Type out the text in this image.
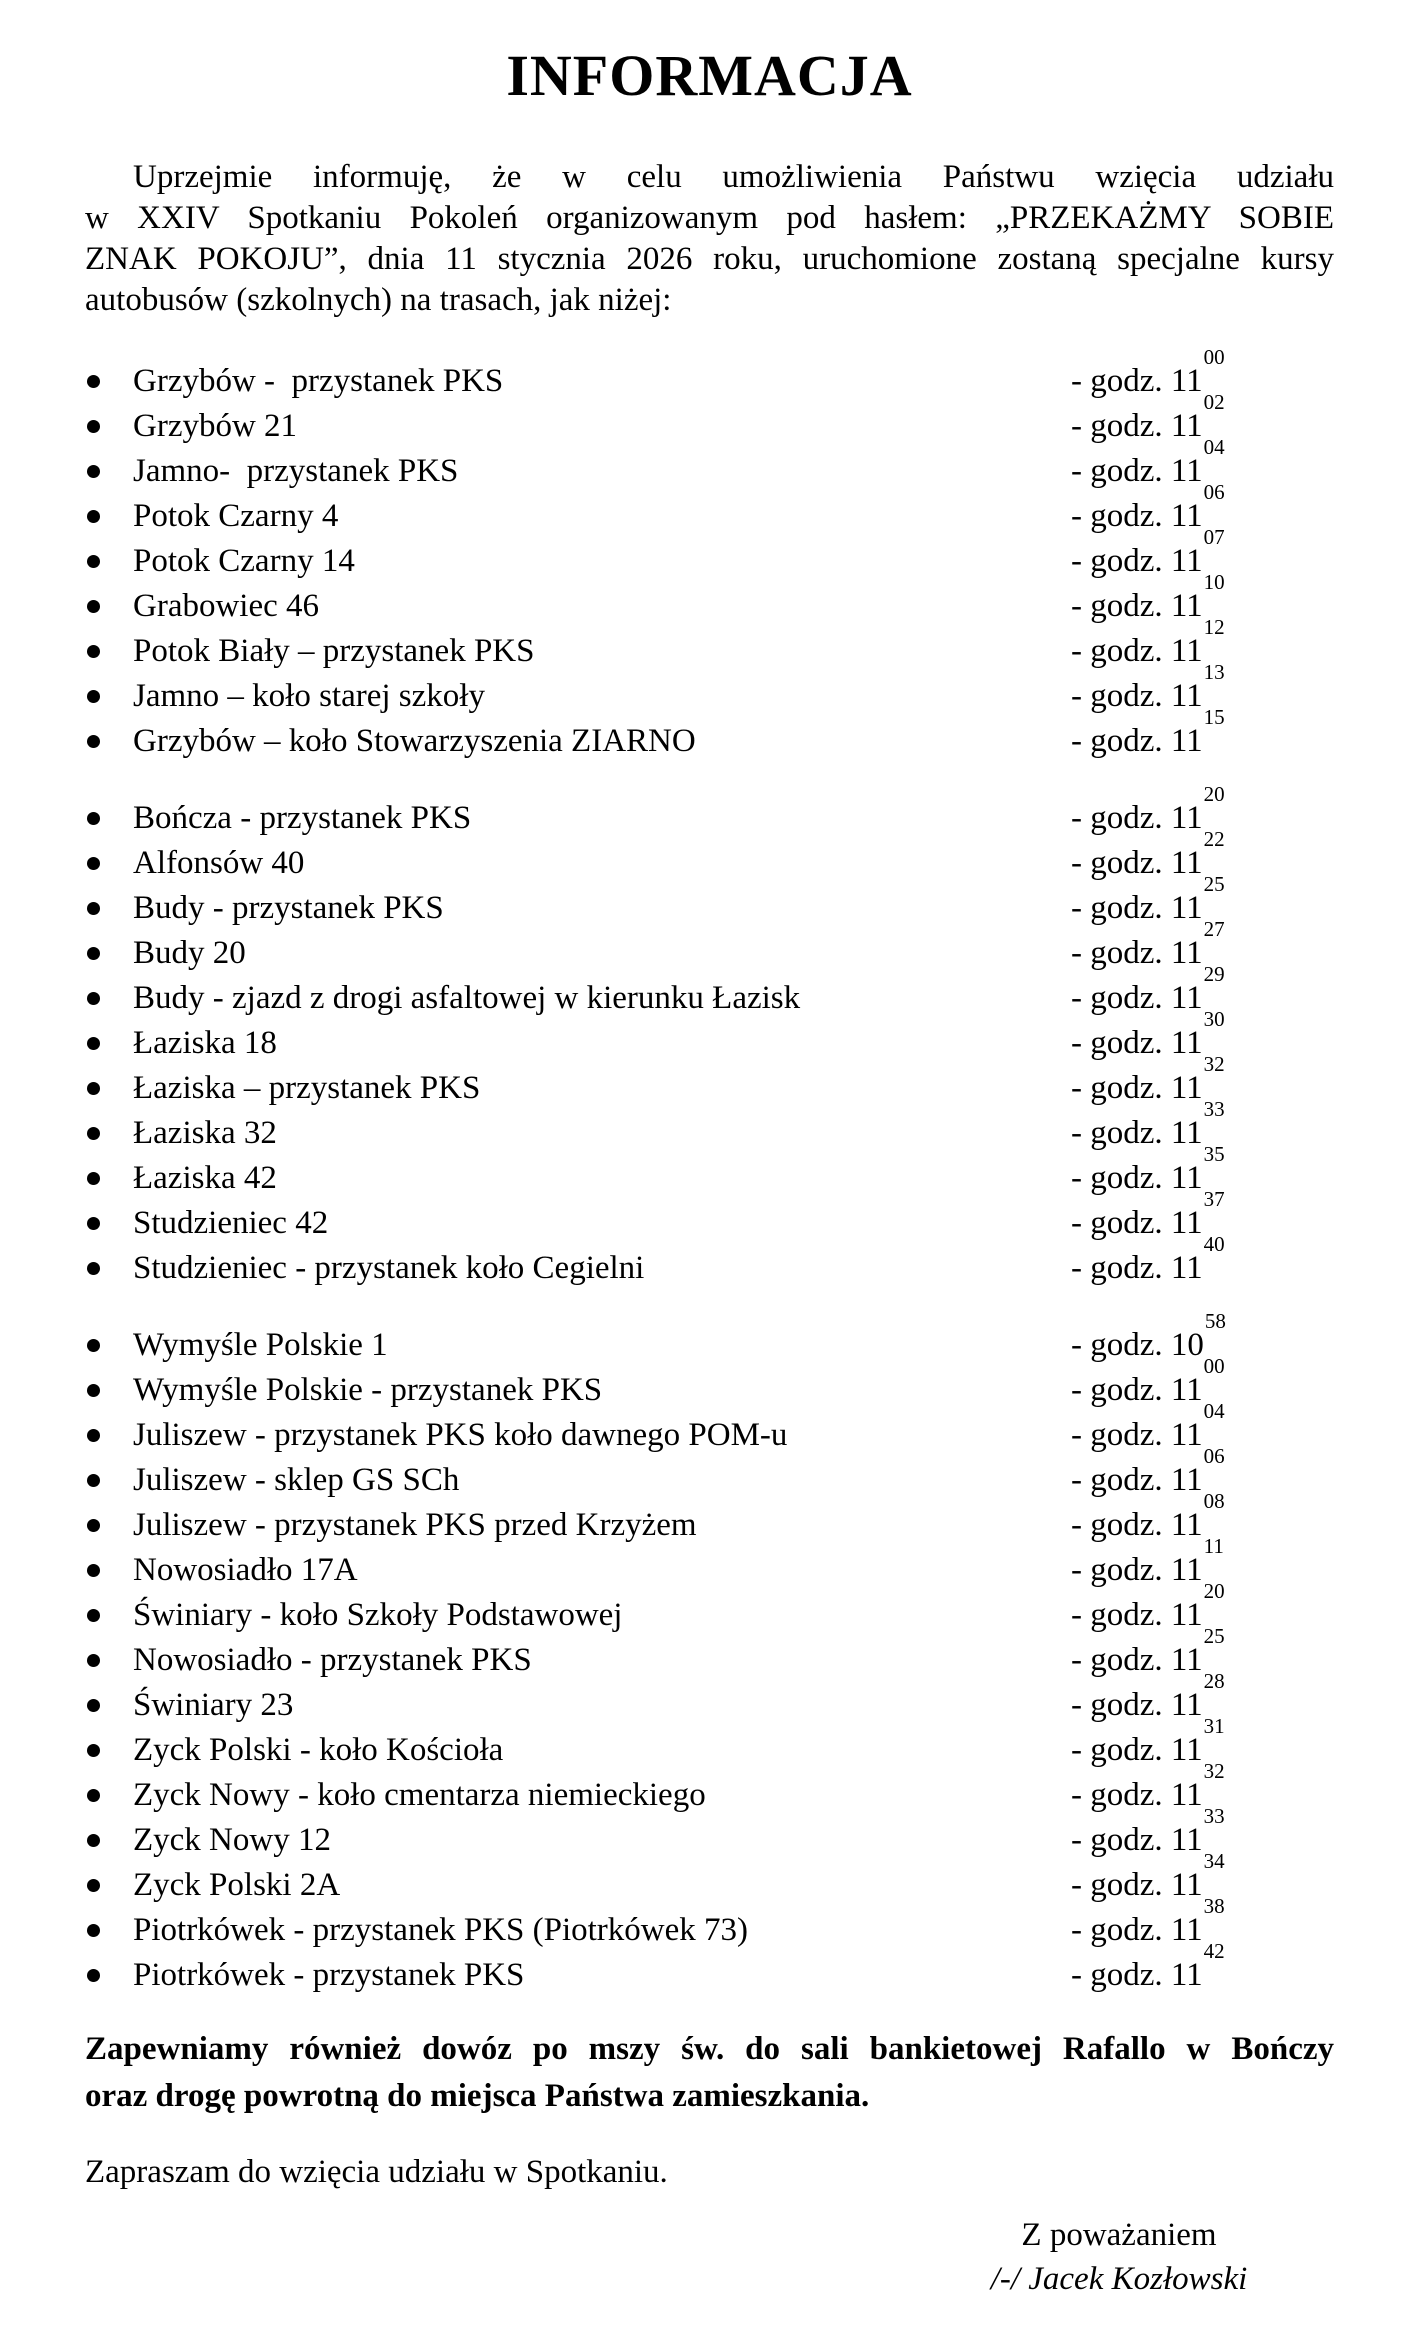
INFORMACJA
Uprzejmie informuję, że w celu umożliwienia Państwu wzięcia udziału
w XXIV Spotkaniu Pokoleń organizowanym pod hasłem: „PRZEKAŻMY SOBIE
ZNAK POKOJU”, dnia 11 stycznia 2026 roku, uruchomione zostaną specjalne kursy
autobusów (szkolnych) na trasach, jak niżej:
Grzybów -  przystanek PKS	- godz. $11^{00}$
Grzybów 21	- godz. $11^{02}$
Jamno-  przystanek PKS	- godz. $11^{04}$
Potok Czarny 4	- godz. $11^{06}$
Potok Czarny 14	- godz. $11^{07}$
Grabowiec 46	- godz. $11^{10}$
Potok Biały – przystanek PKS	- godz. $11^{12}$
Jamno – koło starej szkoły	- godz. $11^{13}$
Grzybów – koło Stowarzyszenia ZIARNO	- godz. $11^{15}$
Bończa - przystanek PKS	- godz. $11^{20}$
Alfonsów 40	- godz. $11^{22}$
Budy - przystanek PKS	- godz. $11^{25}$
Budy 20	- godz. $11^{27}$
Budy - zjazd z drogi asfaltowej w kierunku Łazisk	- godz. $11^{29}$
Łaziska 18	- godz. $11^{30}$
Łaziska – przystanek PKS	- godz. $11^{32}$
Łaziska 32	- godz. $11^{33}$
Łaziska 42	- godz. $11^{35}$
Studzieniec 42	- godz. $11^{37}$
Studzieniec - przystanek koło Cegielni	- godz. $11^{40}$
Wymyśle Polskie 1	- godz. $10^{58}$
Wymyśle Polskie - przystanek PKS	- godz. $11^{00}$
Juliszew - przystanek PKS koło dawnego POM-u	- godz. $11^{04}$
Juliszew - sklep GS SCh	- godz. $11^{06}$
Juliszew - przystanek PKS przed Krzyżem	- godz. $11^{08}$
Nowosiadło 17A	- godz. $11^{11}$
Świniary - koło Szkoły Podstawowej	- godz. $11^{20}$
Nowosiadło - przystanek PKS	- godz. $11^{25}$
Świniary 23	- godz. $11^{28}$
Zyck Polski - koło Kościoła	- godz. $11^{31}$
Zyck Nowy - koło cmentarza niemieckiego	- godz. $11^{32}$
Zyck Nowy 12	- godz. $11^{33}$
Zyck Polski 2A	- godz. $11^{34}$
Piotrkówek - przystanek PKS (Piotrkówek 73)	- godz. $11^{38}$
Piotrkówek - przystanek PKS	- godz. $11^{42}$
Zapewniamy również dowóz po mszy św. do sali bankietowej Rafallo w Bończy
oraz drogę powrotną do miejsca Państwa zamieszkania.
Zapraszam do wzięcia udziału w Spotkaniu.
Z poważaniem
/-/ Jacek Kozłowski
